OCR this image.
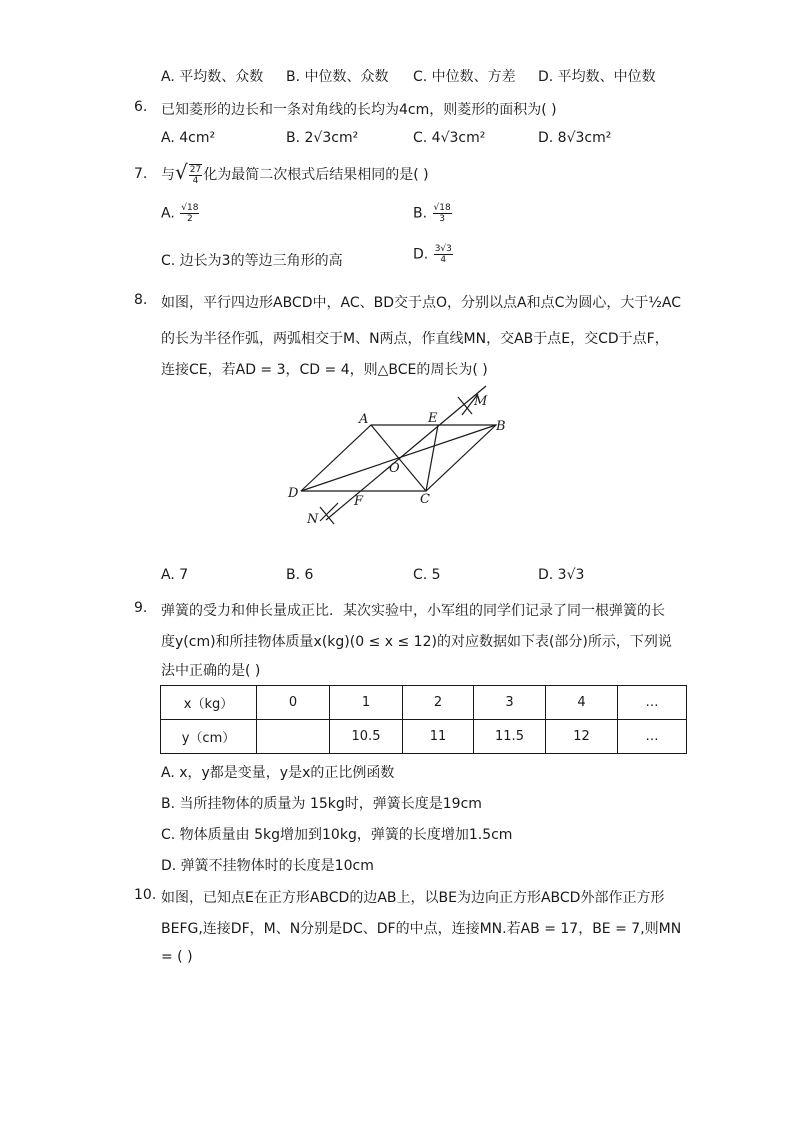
A. 平均数、众数 B. 中位数、众数 C. 中位数、方差 D. 平均数、中位数
6. 已知菱形的边长和一条对角线的长均为4cm，则菱形的面积为( )
A. 4cm²	B. 2√3cm²	C. 4√3cm²	D. 8√3cm²
7. 与√ $\frac{27}{4}$ 化为最简二次根式后结果相同的是( )
A. $\frac{√18}{2}$	B. $\frac{√18}{3}$
C. 边长为3的等边三角形的高	D. $\frac{3√3}{4}$
8. 如图，平行四边形ABCD中，AC、BD交于点O，分别以点A和点C为圆心，大于½AC
的长为半径作弧，两弧相交于M、N两点，作直线MN，交AB于点E，交CD于点F，
连接CE，若AD = 3，CD = 4，则△BCE的周长为( )
A	E
B
M
O
D	C
F
N
A. 7	B. 6	C. 5	D. 3√3
9. 弹簧的受力和伸长量成正比．某次实验中，小军组的同学们记录了同一根弹簧的长
度y(cm)和所挂物体质量x(kg)(0 ≤ x ≤ 12)的对应数据如下表(部分)所示，下列说
法中正确的是( )
x（kg）	0	1	2	3	4	…
y（cm）		10.5	11	11.5	12	…
A. x，y都是变量，y是x的正比例函数
B. 当所挂物体的质量为 15kg时，弹簧长度是19cm
C. 物体质量由 5kg增加到10kg，弹簧的长度增加1.5cm
D. 弹簧不挂物体时的长度是10cm
10. 如图，已知点E在正方形ABCD的边AB上，以BE为边向正方形ABCD外部作正方形
BEFG,连接DF，M、N分别是DC、DF的中点，连接MN.若AB = 17，BE = 7,则MN
= ( )
